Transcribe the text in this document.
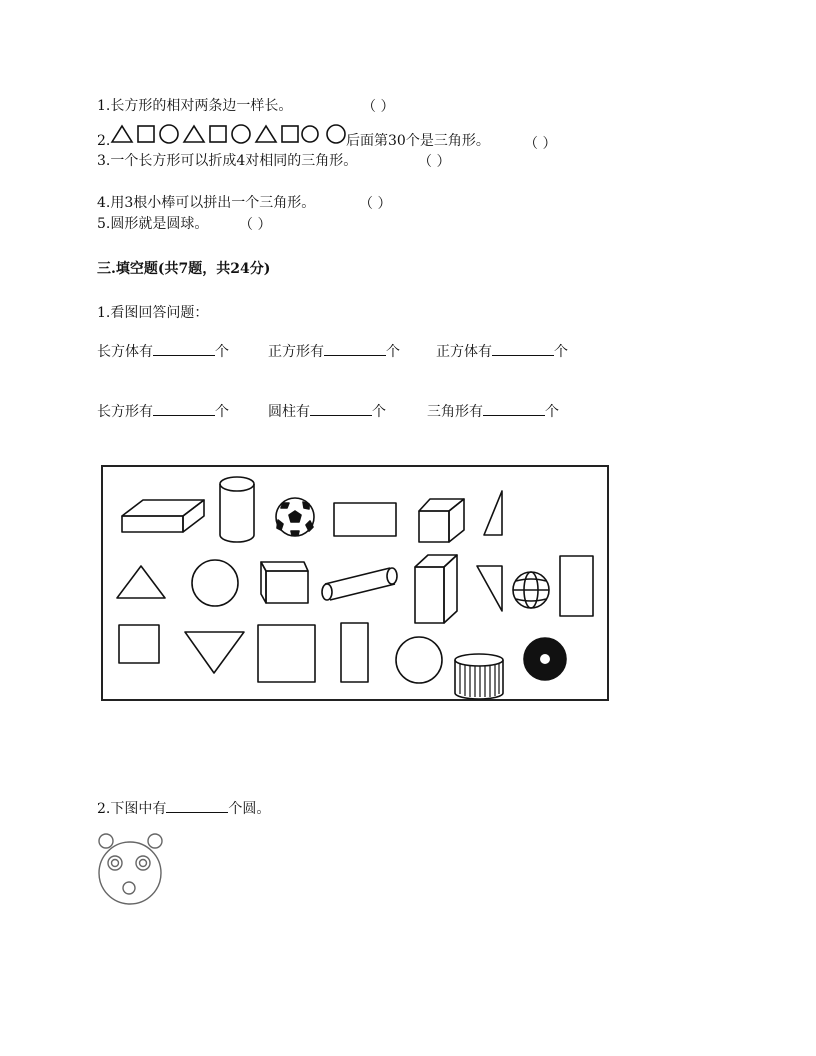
1.长方形的相对两条边一样长。	（ ）
2.	后面第30个是三角形。 （ ）
3.一个长方形可以折成4对相同的三角形。	（ ）
4.用3根小棒可以拼出一个三角形。	（ ）
5.圆形就是圆球。 （ ）
三.填空题(共7题，共24分)
1.看图回答问题：
长方体有	个	正方形有	个	正方体有	个
长方形有	个	圆柱有	个	三角形有	个
2.下图中有	个圆。
